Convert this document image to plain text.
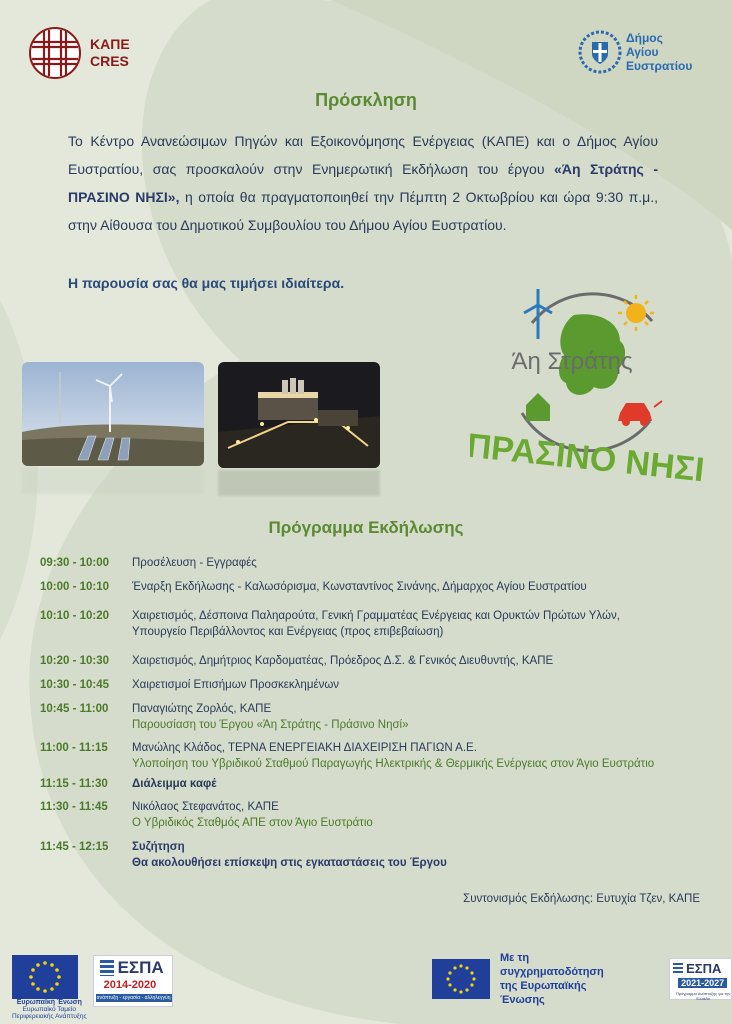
ΚΑΠΕ
CRES
Δήμος
Αγίου
Ευστρατίου
Πρόσκληση
Το Κέντρο Ανανεώσιμων Πηγών και Εξοικονόμησης Ενέργειας (ΚΑΠΕ) και ο Δήμος Αγίου Ευστρατίου, σας προσκαλούν στην Ενημερωτική Εκδήλωση του έργου «Άη Στράτης - ΠΡΑΣΙΝΟ ΝΗΣΙ», η οποία θα πραγματοποιηθεί την Πέμπτη 2 Οκτωβρίου και ώρα 9:30 π.μ., στην Αίθουσα του Δημοτικού Συμβουλίου του Δήμου Αγίου Ευστρατίου.
Η παρουσία σας θα μας τιμήσει ιδιαίτερα.
Άη Στράτης
ΠΡΑΣΙΝΟ ΝΗΣΙ
Πρόγραμμα Εκδήλωσης
09:30 - 10:00	Προσέλευση - Εγγραφές
10:00 - 10:10	Έναρξη Εκδήλωσης - Καλωσόρισμα, Κωνσταντίνος Σινάνης, Δήμαρχος Αγίου Ευστρατίου
10:10 - 10:20	Χαιρετισμός, Δέσποινα Παληαρούτα, Γενική Γραμματέας Ενέργειας και Ορυκτών Πρώτων Υλών,
Υπουργείο Περιβάλλοντος και Ενέργειας (προς επιβεβαίωση)
10:20 - 10:30	Χαιρετισμός, Δημήτριος Καρδοματέας, Πρόεδρος Δ.Σ. & Γενικός Διευθυντής, ΚΑΠΕ
10:30 - 10:45	Χαιρετισμοί Επισήμων Προσκεκλημένων
10:45 - 11:00	Παναγιώτης Ζορλός, ΚΑΠΕ
Παρουσίαση του Έργου «Άη Στράτης - Πράσινο Νησί»
11:00 - 11:15	Μανώλης Κλάδος, ΤΕΡΝΑ ΕΝΕΡΓΕΙΑΚΗ ΔΙΑΧΕΙΡΙΣΗ ΠΑΓΙΩΝ Α.Ε.
Υλοποίηση του Υβριδικού Σταθμού Παραγωγής Ηλεκτρικής & Θερμικής Ενέργειας στον Άγιο Ευστράτιο
11:15 - 11:30	Διάλειμμα καφέ
11:30 - 11:45	Νικόλαος Στεφανάτος, ΚΑΠΕ
Ο Υβριδικός Σταθμός ΑΠΕ στον Άγιο Ευστράτιο
11:45 - 12:15	Συζήτηση
Θα ακολουθήσει επίσκεψη στις εγκαταστάσεις του Έργου
Συντονισμός Εκδήλωσης: Ευτυχία Τζεν, ΚΑΠΕ
Ευρωπαϊκή Ένωση
Ευρωπαϊκό Ταμείο
Περιφερειακής Ανάπτυξης
ΕΣΠΑ
2014-2020
ανάπτυξη - εργασία - αλληλεγγύη
Με τη συγχρηματοδότηση
της Ευρωπαϊκής Ένωσης
ΕΣΠΑ
2021-2027
Πρόγραμμα Ανάπτυξης για την Ελλάδα
